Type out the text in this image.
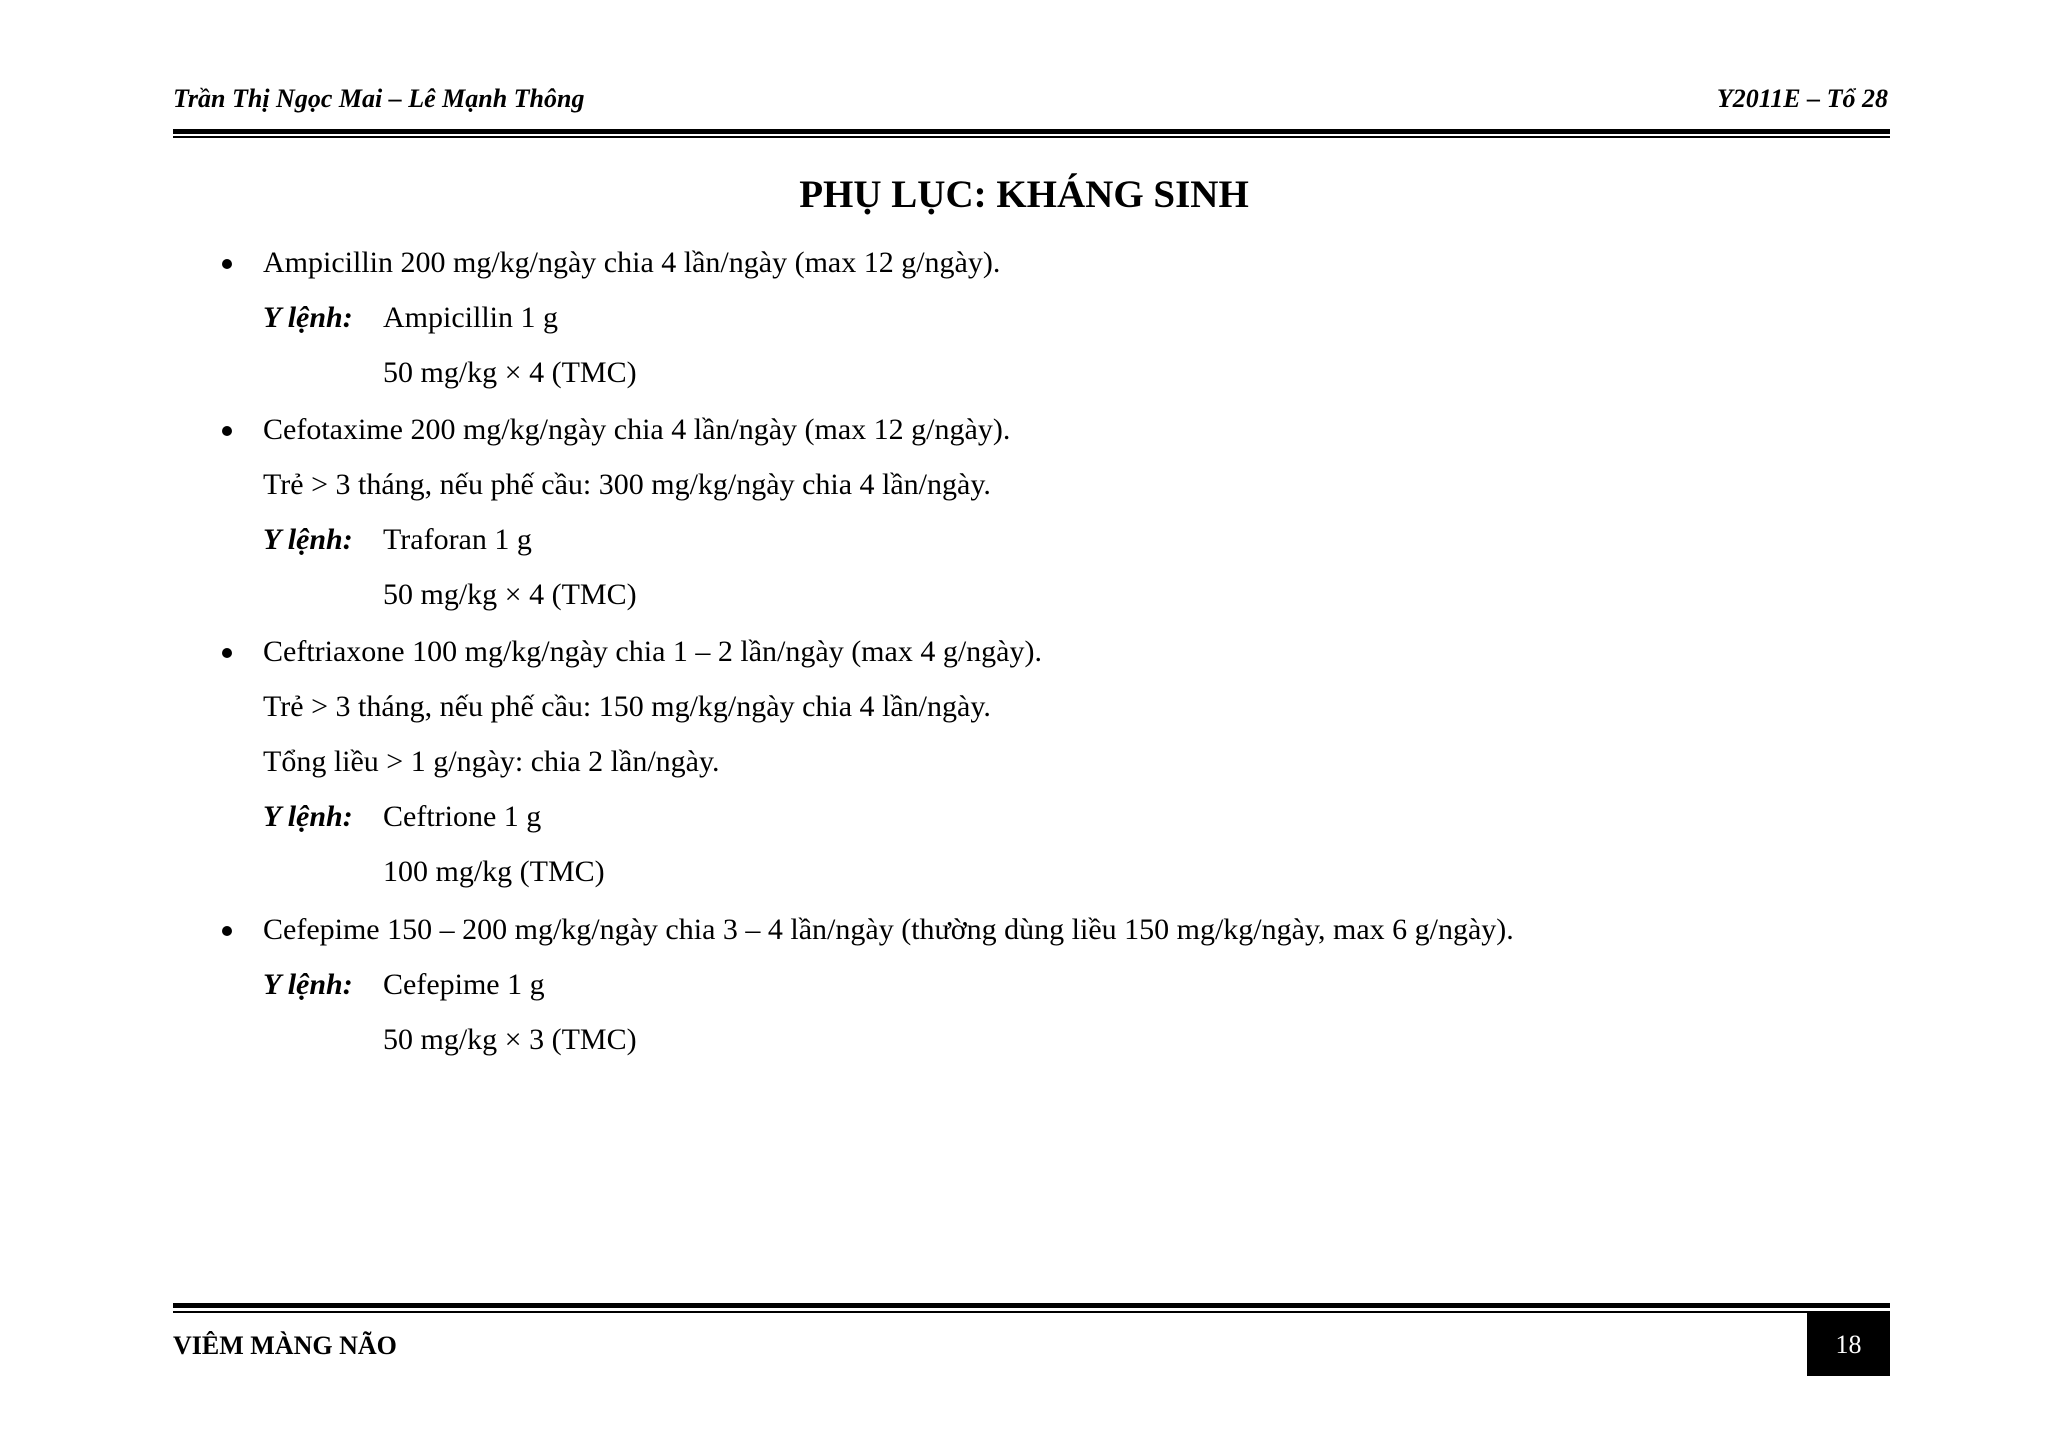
Trần Thị Ngọc Mai – Lê Mạnh Thông	Y2011E – Tổ 28
PHỤ LỤC: KHÁNG SINH
Ampicillin 200 mg/kg/ngày chia 4 lần/ngày (max 12 g/ngày).
Y lệnh: Ampicillin 1 g
50 mg/kg × 4 (TMC)
Cefotaxime 200 mg/kg/ngày chia 4 lần/ngày (max 12 g/ngày).
Trẻ > 3 tháng, nếu phế cầu: 300 mg/kg/ngày chia 4 lần/ngày.
Y lệnh: Traforan 1 g
50 mg/kg × 4 (TMC)
Ceftriaxone 100 mg/kg/ngày chia 1 – 2 lần/ngày (max 4 g/ngày).
Trẻ > 3 tháng, nếu phế cầu: 150 mg/kg/ngày chia 4 lần/ngày.
Tổng liều > 1 g/ngày: chia 2 lần/ngày.
Y lệnh: Ceftrione 1 g
100 mg/kg (TMC)
Cefepime 150 – 200 mg/kg/ngày chia 3 – 4 lần/ngày (thường dùng liều 150 mg/kg/ngày, max 6 g/ngày).
Y lệnh: Cefepime 1 g
50 mg/kg × 3 (TMC)
VIÊM MÀNG NÃO	18
